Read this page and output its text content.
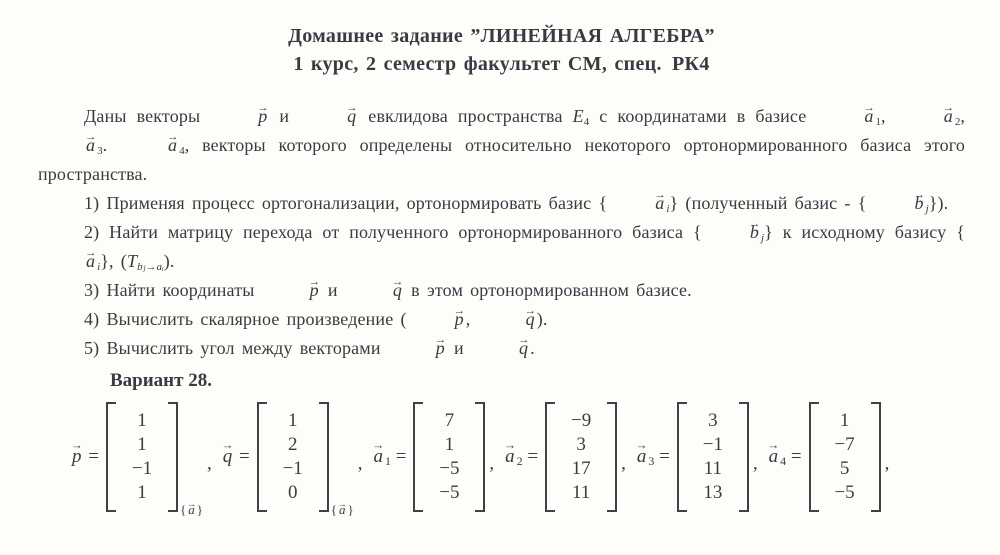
Домашнее задание ”ЛИНЕЙНАЯ АЛГЕБРА”
1 курс, 2 семестр факультет СМ, спец. РК4

Даны векторы	p → и	q → евклидова пространства $E_4$ с координатами в базисе	a → $_1$,	a → $_2$, a → $_3$.	a → $_4$, векторы которого определены относительно некоторого ортонормированного базиса этого пространства.

1) Применяя процесс ортогонализации, ортонормировать базис {	a → $_i$} (полученный базис - {	b → $_j$}).

2) Найти матрицу перехода от полученного ортонормированного базиса {	b → $_j$} к исходному базису {a → $_i$}, $(T_{bⱼ\to aᵢ})$.

3) Найти координаты	p → и	q → в этом ортонормированном базисе.

4) Вычислить скалярное произведение (	p → ,	q → ).

5) Вычислить угол между векторами	p → и	q → .

Вариант 28.
p → =
1
1
−1
1
{ a }
, q → =
1
2
−1
0
{ a }
, a → $_1$ =
7
1
−5
−5
, a → $_2$ =
−9
3
17
11
, a → $_3$ =
3
−1
11
13
, a → $_4$ =
1
−7
5
−5
,
